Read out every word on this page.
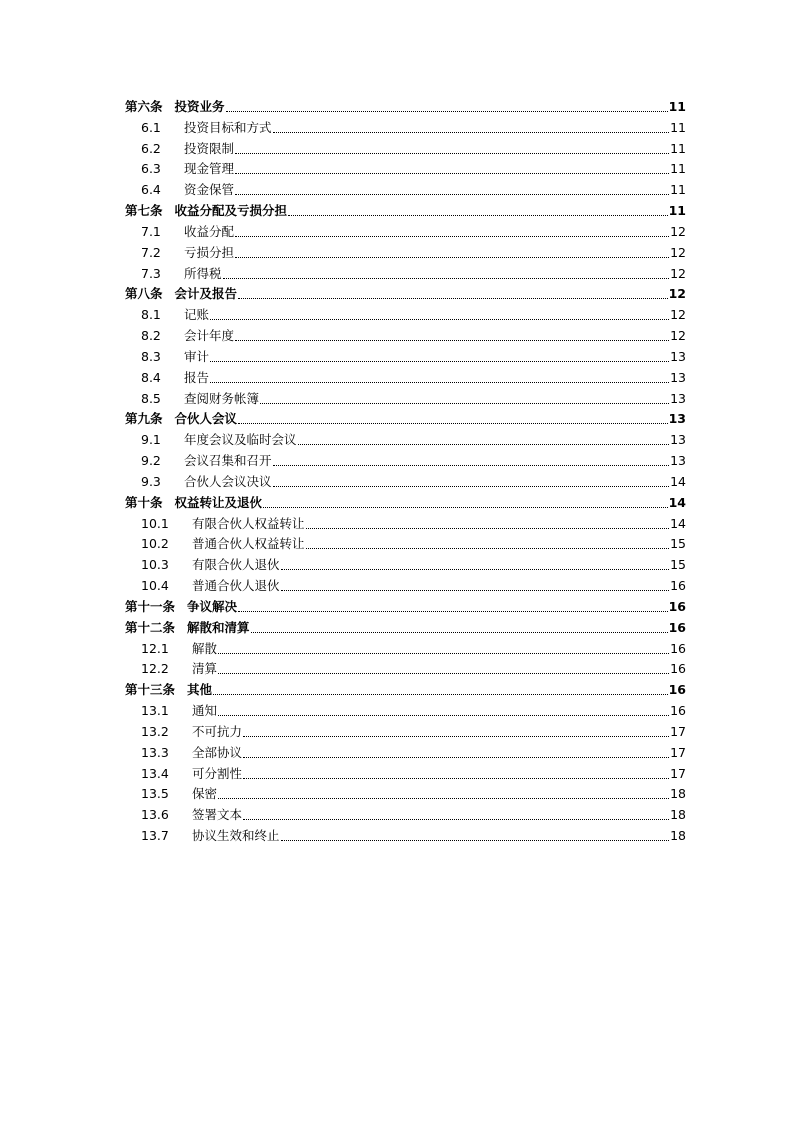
第六条 投资业务	11
6.1	投资目标和方式	11
6.2	投资限制	11
6.3	现金管理	11
6.4	资金保管	11
第七条 收益分配及亏损分担	11
7.1	收益分配	12
7.2	亏损分担	12
7.3	所得税	12
第八条 会计及报告	12
8.1	记账	12
8.2	会计年度	12
8.3	审计	13
8.4	报告	13
8.5	查阅财务帐簿	13
第九条 合伙人会议	13
9.1	年度会议及临时会议	13
9.2	会议召集和召开	13
9.3	合伙人会议决议	14
第十条 权益转让及退伙	14
10.1	有限合伙人权益转让	14
10.2	普通合伙人权益转让	15
10.3	有限合伙人退伙	15
10.4	普通合伙人退伙	16
第十一条 争议解决	16
第十二条 解散和清算	16
12.1	解散	16
12.2	清算	16
第十三条 其他	16
13.1	通知	16
13.2	不可抗力	17
13.3	全部协议	17
13.4	可分割性	17
13.5	保密	18
13.6	签署文本	18
13.7	协议生效和终止	18
